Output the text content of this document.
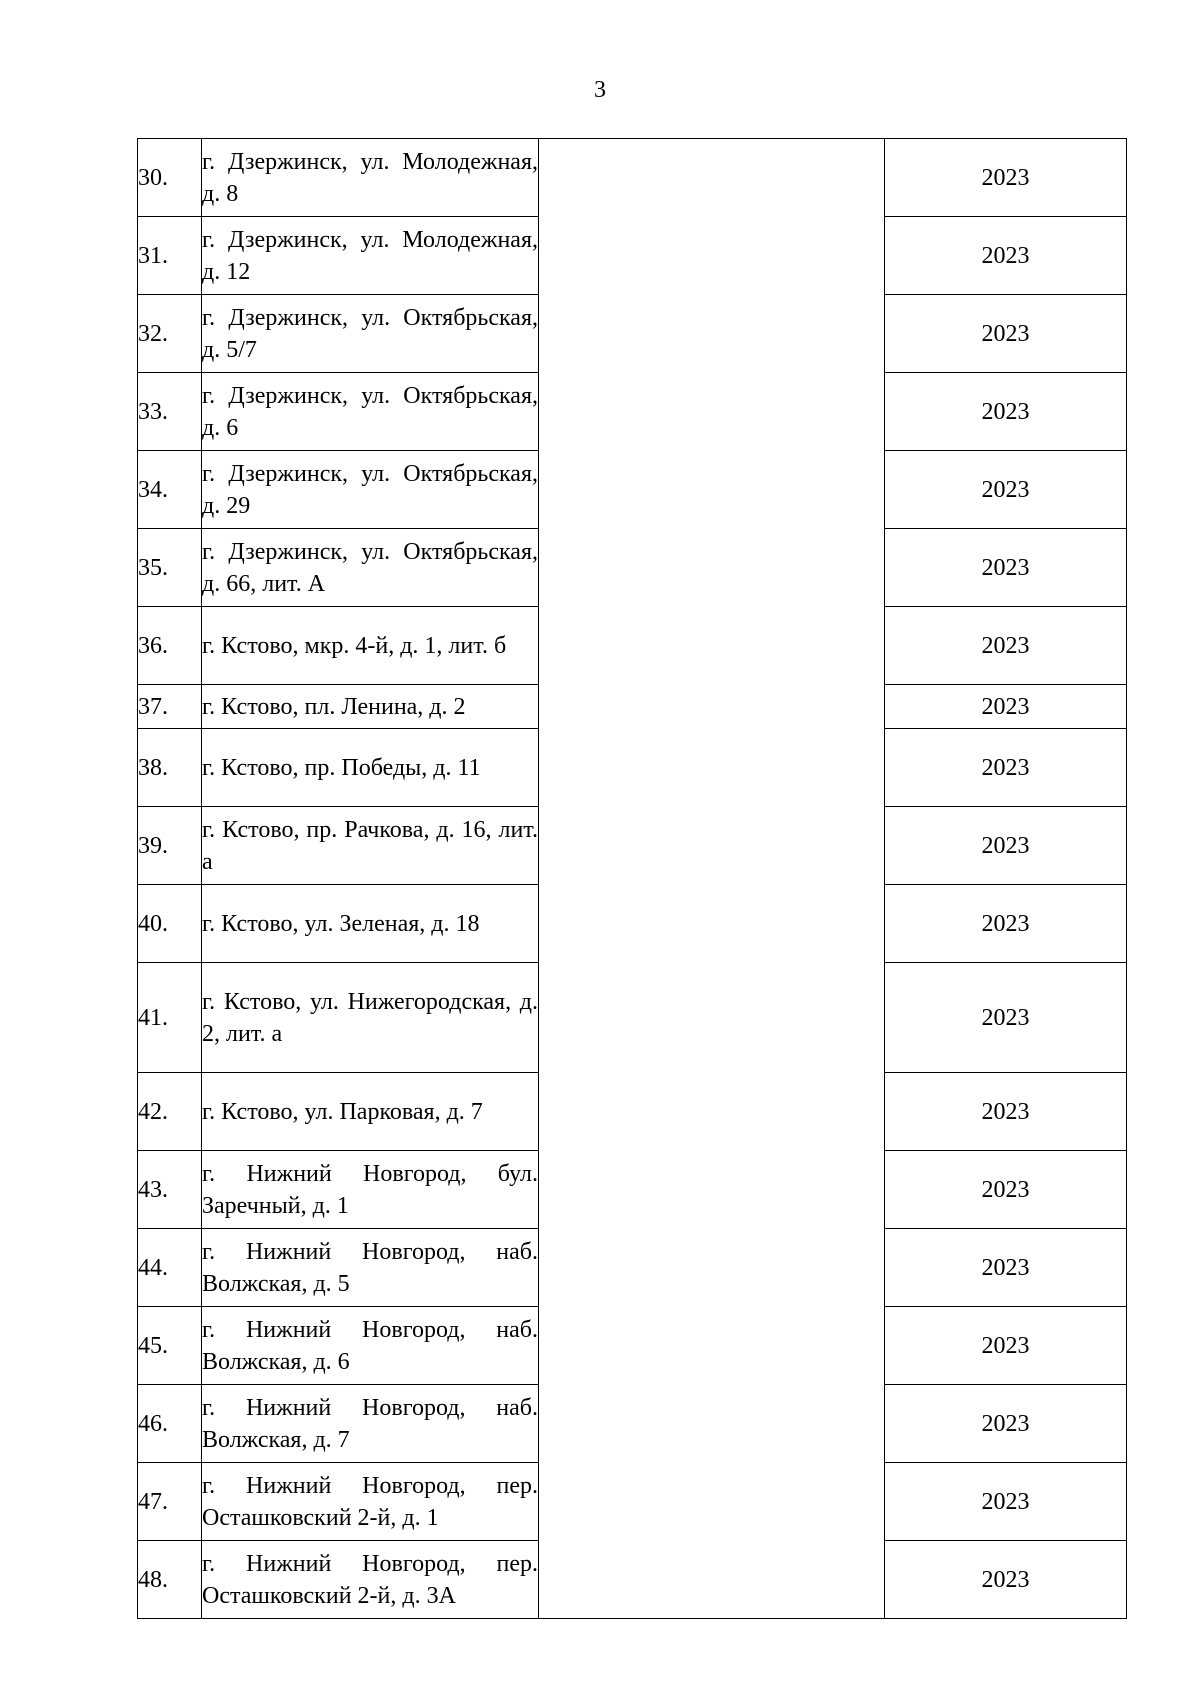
3
30.	г. Дзержинск, ул. Молодежная, д. 8		2023
31.	г. Дзержинск, ул. Молодежная, д. 12		2023
32.	г. Дзержинск, ул. Октябрьская, д. 5/7		2023
33.	г. Дзержинск, ул. Октябрьская, д. 6		2023
34.	г. Дзержинск, ул. Октябрьская, д. 29		2023
35.	г. Дзержинск, ул. Октябрьская, д. 66, лит. А		2023
36.	г. Кстово, мкр. 4-й, д. 1, лит. б		2023
37.	г. Кстово, пл. Ленина, д. 2		2023
38.	г. Кстово, пр. Победы, д. 11		2023
39.	г. Кстово, пр. Рачкова, д. 16, лит. а		2023
40.	г. Кстово, ул. Зеленая, д. 18		2023
41.	г. Кстово, ул. Нижегородская, д. 2, лит. а		2023
42.	г. Кстово, ул. Парковая, д. 7		2023
43.	г. Нижний Новгород, бул. Заречный, д. 1		2023
44.	г. Нижний Новгород, наб. Волжская, д. 5		2023
45.	г. Нижний Новгород, наб. Волжская, д. 6		2023
46.	г. Нижний Новгород, наб. Волжская, д. 7		2023
47.	г. Нижний Новгород, пер. Осташковский 2-й, д. 1		2023
48.	г. Нижний Новгород, пер. Осташковский 2-й, д. 3А		2023
